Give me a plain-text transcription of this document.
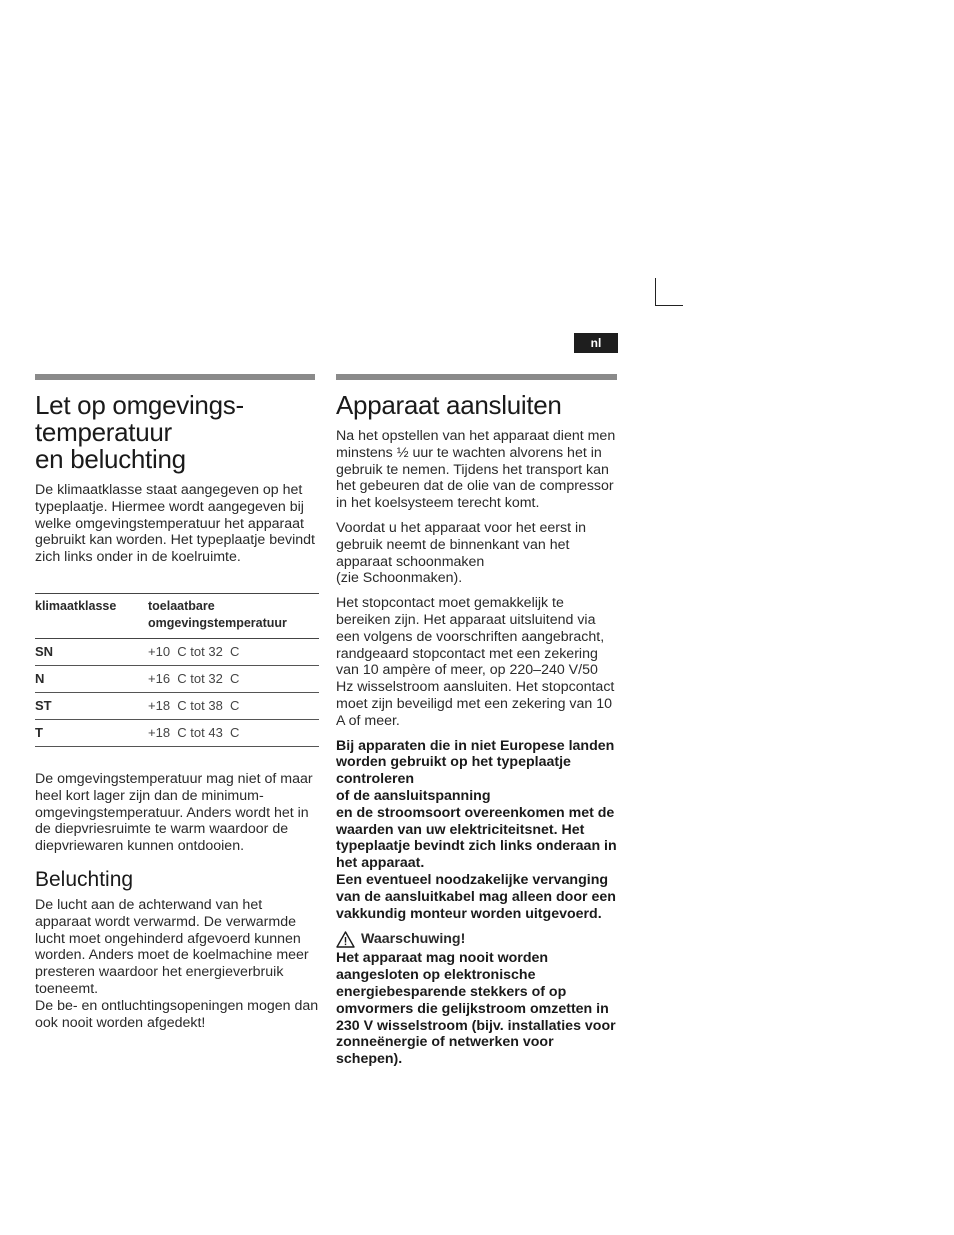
nl
Let op omgevings-
temperatuur
en beluchting

De klimaatklasse staat aangegeven op het typeplaatje. Hiermee wordt aangegeven bij welke omgevingstemperatuur het apparaat gebruikt kan worden. Het typeplaatje bevindt zich links onder in de koelruimte.

klimaatklasse	toelaatbare
omgevingstemperatuur
SN	+10  C tot 32  C
N	+16  C tot 32  C
ST	+18  C tot 38  C
T	+18  C tot 43  C

De omgevingstemperatuur mag niet of maar heel kort lager zijn dan de minimum-omgevingstemperatuur. Anders wordt het in de diepvriesruimte te warm waardoor de diepvriewaren kunnen ontdooien.

Beluchting

De lucht aan de achterwand van het apparaat wordt verwarmd. De verwarmde lucht moet ongehinderd afgevoerd kunnen worden. Anders moet de koelmachine meer presteren waardoor het energieverbruik toeneemt.
De be- en ontluchtingsopeningen mogen dan ook nooit worden afgedekt!

Apparaat aansluiten

Na het opstellen van het apparaat dient men minstens ½ uur te wachten alvorens het in gebruik te nemen. Tijdens het transport kan het gebeuren dat de olie van de compressor in het koelsysteem terecht komt.

Voordat u het apparaat voor het eerst in gebruik neemt de binnenkant van het apparaat schoonmaken
(zie Schoonmaken).

Het stopcontact moet gemakkelijk te bereiken zijn. Het apparaat uitsluitend via een volgens de voorschriften aangebracht, randgeaard stopcontact met een zekering van 10 ampère of meer, op 220–240 V/50 Hz wisselstroom aansluiten. Het stopcontact moet zijn beveiligd met een zekering van 10 A of meer.

Bij apparaten die in niet Europese landen worden gebruikt op het typeplaatje controleren
of de aansluitspanning
en de stroomsoort overeenkomen met de waarden van uw elektriciteitsnet. Het typeplaatje bevindt zich links onderaan in het apparaat.
Een eventueel noodzakelijke vervanging van de aansluitkabel mag alleen door een vakkundig monteur worden uitgevoerd.

Waarschuwing!

Het apparaat mag nooit worden aangesloten op elektronische energiebesparende stekkers of op omvormers die gelijkstroom omzetten in 230 V wisselstroom (bijv. installaties voor zonneënergie of netwerken voor schepen).
